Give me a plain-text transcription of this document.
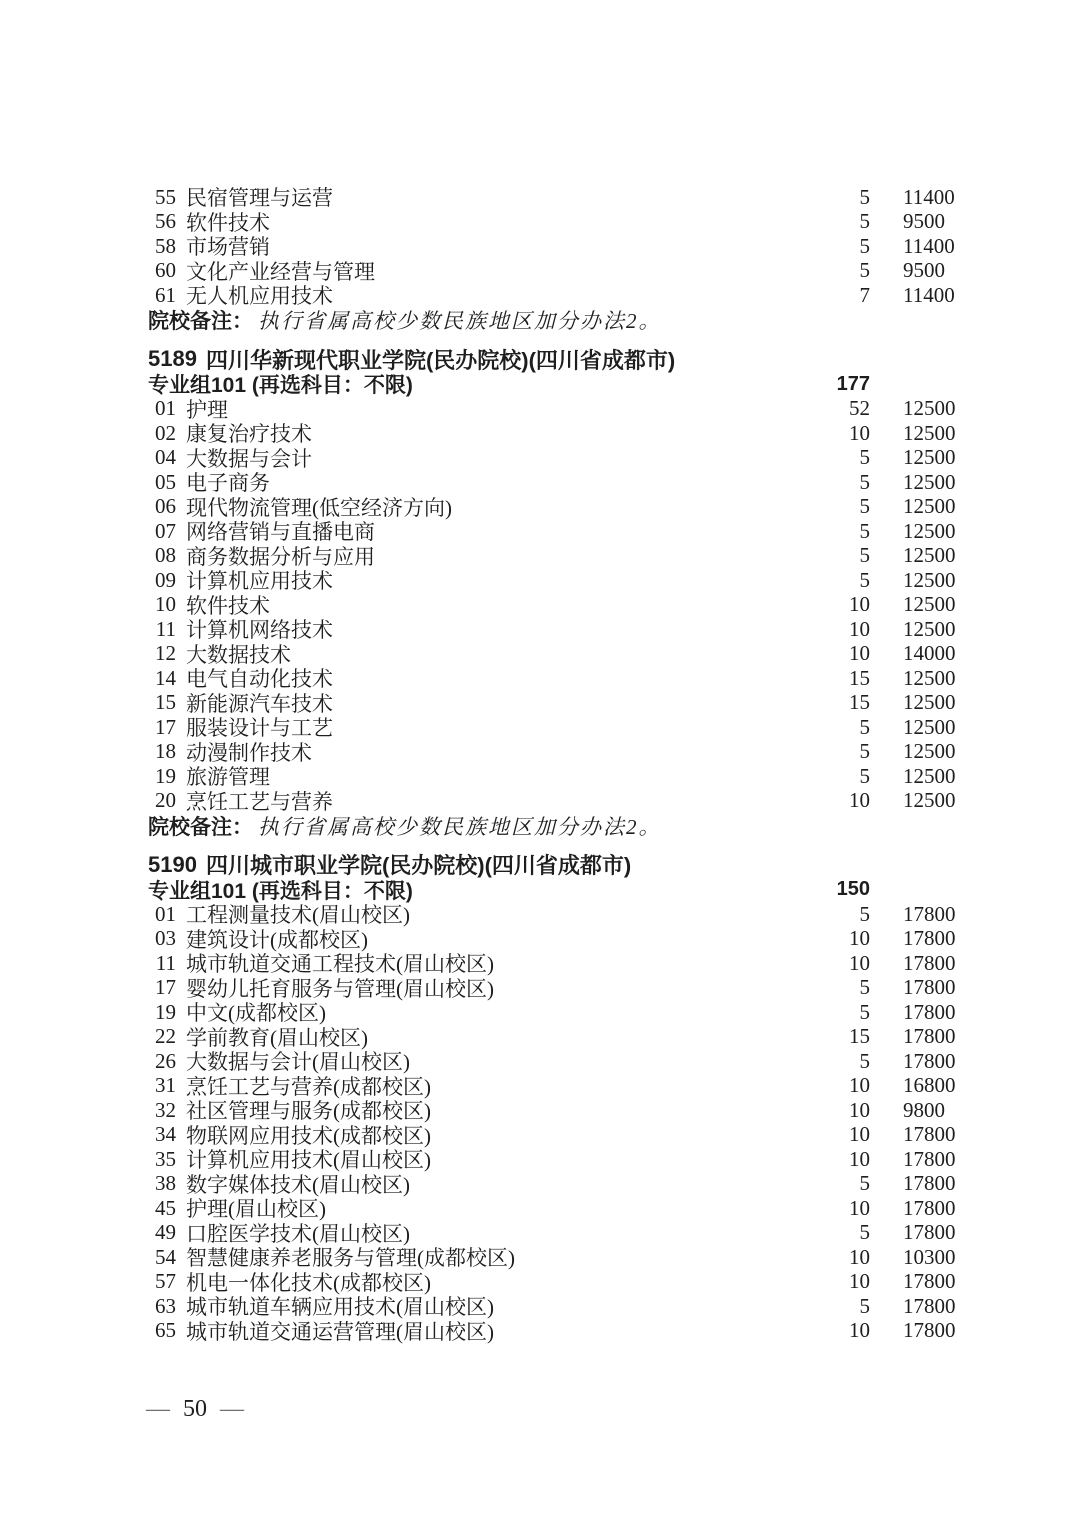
55 民宿管理与运营	5 11400
56 软件技术	5 9500
58 市场营销	5 11400
60 文化产业经营与管理	5 9500
61 无人机应用技术	7 11400
院校备注： 执行省属高校少数民族地区加分办法2。
5189 四川华新现代职业学院(民办院校)(四川省成都市)
专业组101 (再选科目：不限)	177
01 护理	52 12500
02 康复治疗技术	10 12500
04 大数据与会计	5 12500
05 电子商务	5 12500
06 现代物流管理(低空经济方向)	5 12500
07 网络营销与直播电商	5 12500
08 商务数据分析与应用	5 12500
09 计算机应用技术	5 12500
10 软件技术	10 12500
11 计算机网络技术	10 12500
12 大数据技术	10 14000
14 电气自动化技术	15 12500
15 新能源汽车技术	15 12500
17 服装设计与工艺	5 12500
18 动漫制作技术	5 12500
19 旅游管理	5 12500
20 烹饪工艺与营养	10 12500
院校备注： 执行省属高校少数民族地区加分办法2。
5190 四川城市职业学院(民办院校)(四川省成都市)
专业组101 (再选科目：不限)	150
01 工程测量技术(眉山校区)	5 17800
03 建筑设计(成都校区)	10 17800
11 城市轨道交通工程技术(眉山校区)	10 17800
17 婴幼儿托育服务与管理(眉山校区)	5 17800
19 中文(成都校区)	5 17800
22 学前教育(眉山校区)	15 17800
26 大数据与会计(眉山校区)	5 17800
31 烹饪工艺与营养(成都校区)	10 16800
32 社区管理与服务(成都校区)	10 9800
34 物联网应用技术(成都校区)	10 17800
35 计算机应用技术(眉山校区)	10 17800
38 数字媒体技术(眉山校区)	5 17800
45 护理(眉山校区)	10 17800
49 口腔医学技术(眉山校区)	5 17800
54 智慧健康养老服务与管理(成都校区)	10 10300
57 机电一体化技术(成都校区)	10 17800
63 城市轨道车辆应用技术(眉山校区)	5 17800
65 城市轨道交通运营管理(眉山校区)	10 17800
— 50 —
